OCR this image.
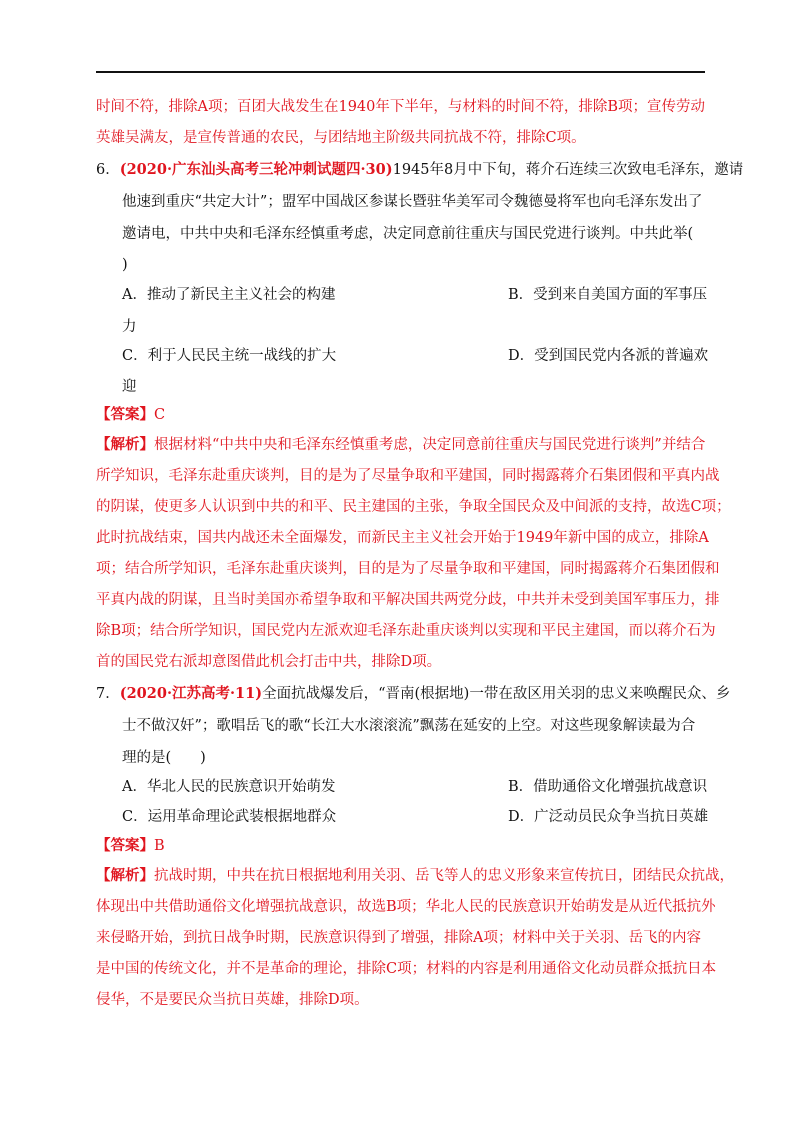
时间不符，排除A项；百团大战发生在1940年下半年，与材料的时间不符，排除B项；宣传劳动
英雄吴满友，是宣传普通的农民，与团结地主阶级共同抗战不符，排除C项。
6．(2020·广东汕头高考三轮冲刺试题四·30)1945年8月中下旬，蒋介石连续三次致电毛泽东，邀请
他速到重庆“共定大计”；盟军中国战区参谋长暨驻华美军司令魏德曼将军也向毛泽东发出了
邀请电，中共中央和毛泽东经慎重考虑，决定同意前往重庆与国民党进行谈判。中共此举(
)
A．推动了新民主主义社会的构建	B．受到来自美国方面的军事压
力
C．利于人民民主统一战线的扩大	D．受到国民党内各派的普遍欢
迎
【答案】C
【解析】根据材料“中共中央和毛泽东经慎重考虑，决定同意前往重庆与国民党进行谈判”并结合
所学知识，毛泽东赴重庆谈判，目的是为了尽量争取和平建国，同时揭露蒋介石集团假和平真内战
的阴谋，使更多人认识到中共的和平、民主建国的主张，争取全国民众及中间派的支持，故选C项；
此时抗战结束，国共内战还未全面爆发，而新民主主义社会开始于1949年新中国的成立，排除A
项；结合所学知识，毛泽东赴重庆谈判，目的是为了尽量争取和平建国，同时揭露蒋介石集团假和
平真内战的阴谋，且当时美国亦希望争取和平解决国共两党分歧，中共并未受到美国军事压力，排
除B项；结合所学知识，国民党内左派欢迎毛泽东赴重庆谈判以实现和平民主建国，而以蒋介石为
首的国民党右派却意图借此机会打击中共，排除D项。
7．(2020·江苏高考·11)全面抗战爆发后，“晋南(根据地)一带在敌区用关羽的忠义来唤醒民众、乡
士不做汉奸”；歌唱岳飞的歌“长江大水滚滚流”飘荡在延安的上空。对这些现象解读最为合
理的是(　　)
A．华北人民的民族意识开始萌发	B．借助通俗文化增强抗战意识
C．运用革命理论武装根据地群众	D．广泛动员民众争当抗日英雄
【答案】B
【解析】抗战时期，中共在抗日根据地利用关羽、岳飞等人的忠义形象来宣传抗日，团结民众抗战，
体现出中共借助通俗文化增强抗战意识，故选B项；华北人民的民族意识开始萌发是从近代抵抗外
来侵略开始，到抗日战争时期，民族意识得到了增强，排除A项；材料中关于关羽、岳飞的内容
是中国的传统文化，并不是革命的理论，排除C项；材料的内容是利用通俗文化动员群众抵抗日本
侵华，不是要民众当抗日英雄，排除D项。
